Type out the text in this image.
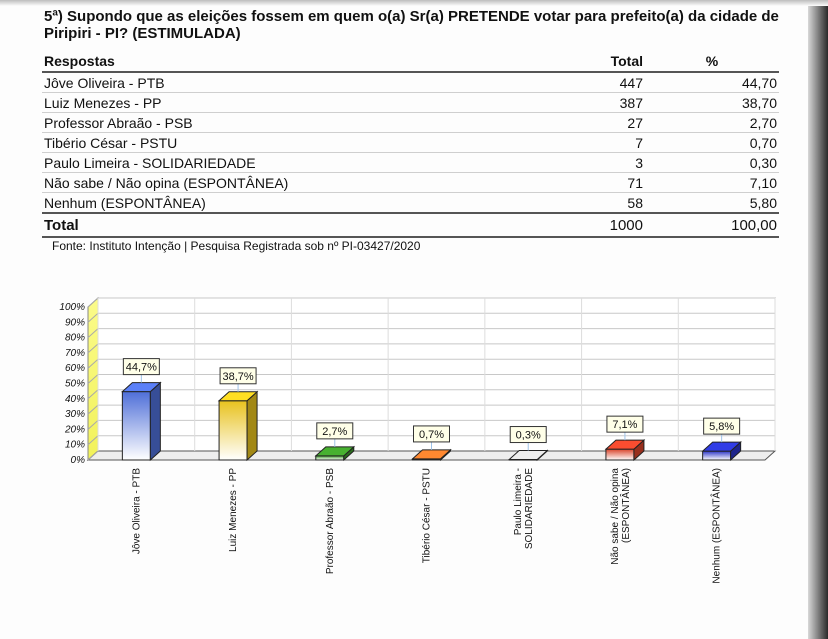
5ª) Supondo que as eleições fossem em quem o(a) Sr(a) PRETENDE votar para prefeito(a) da cidade de Piripiri - PI? (ESTIMULADA)
Respostas	Total	%
Jôve Oliveira - PTB	447	44,70
Luiz Menezes - PP	387	38,70
Professor Abraão - PSB	27	2,70
Tibério César - PSTU	7	0,70
Paulo Limeira - SOLIDARIEDADE	3	0,30
Não sabe / Não opina (ESPONTÂNEA)	71	7,10
Nenhum (ESPONTÂNEA)	58	5,80
Total	1000	100,00
Fonte: Instituto Intenção | Pesquisa Registrada sob nº PI-03427/2020
0%
10%
20%
30%
40%
50%
60%
70%
80%
90%
100%
44,7%
38,7%
2,7%	0,7%	0,3%
7,1%	5,8%
Jôve Oliveira - PTB	Luiz Menezes - PP	Professor Abraão - PSB	Tibério César - PSTU	Paulo Limeira -SOLIDARIEDADE	Não sabe / Não opina(ESPONTÂNEA)	Nenhum (ESPONTÂNEA)
